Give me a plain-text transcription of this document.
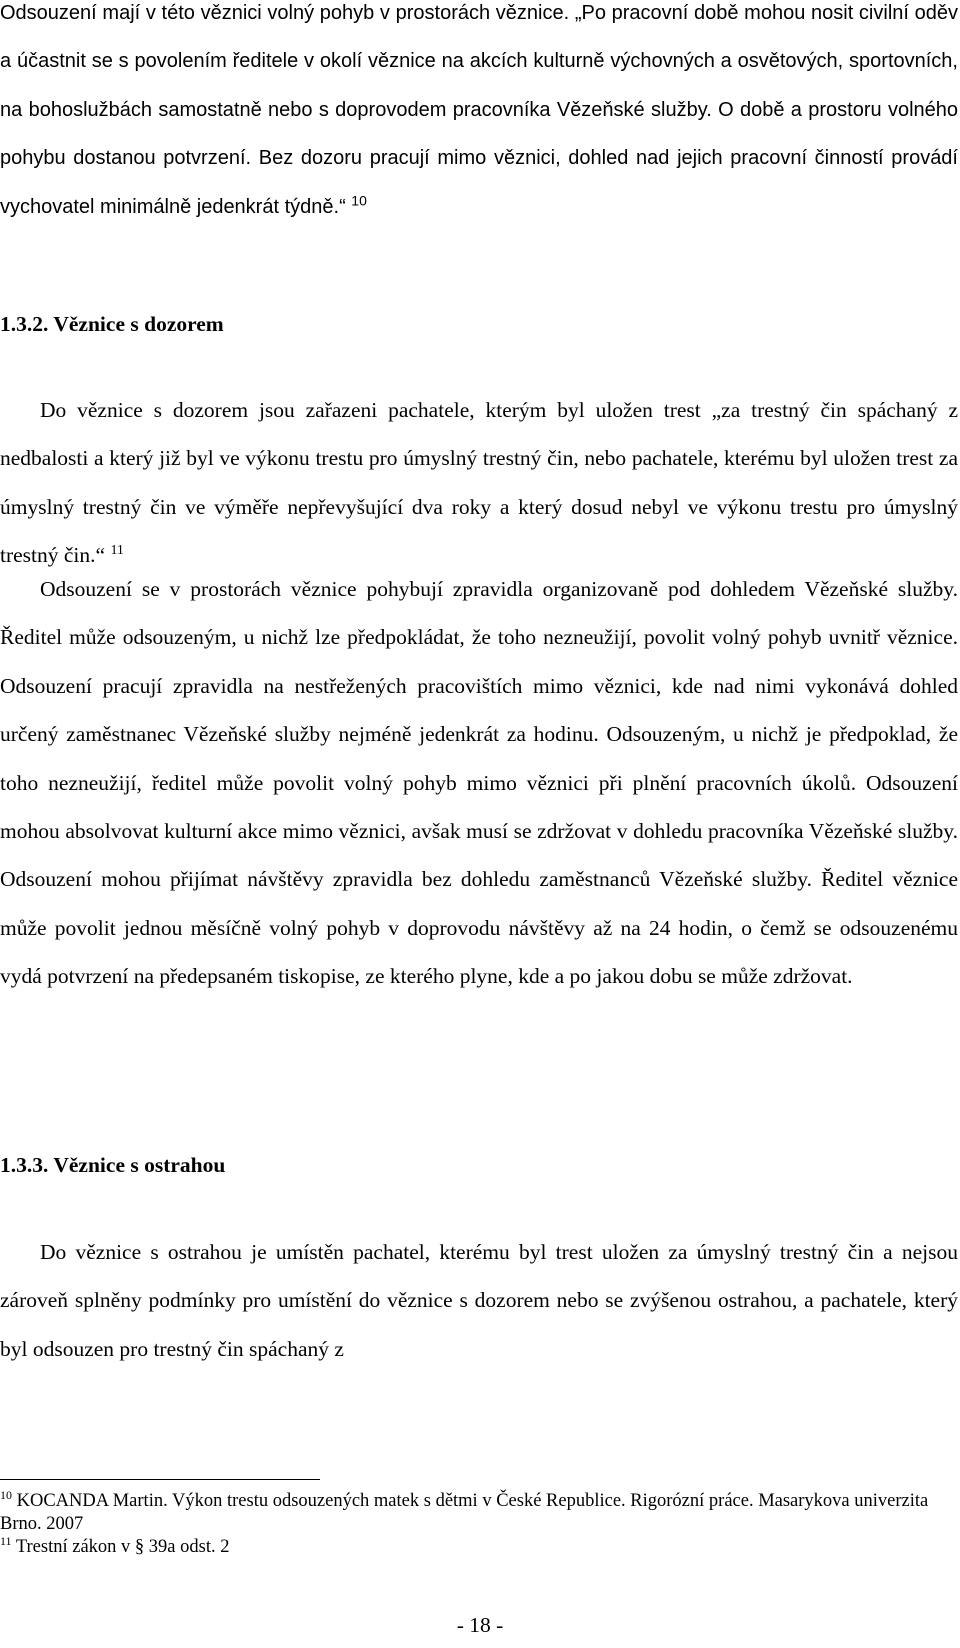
Odsouzení mají v této věznici volný pohyb v prostorách věznice. „Po pracovní době mohou nosit civilní oděv a účastnit se s povolením ředitele v okolí věznice na akcích kulturně výchovných a osvětových, sportovních, na bohoslužbách samostatně nebo s doprovodem pracovníka Vězeňské služby. O době a prostoru volného pohybu dostanou potvrzení. Bez dozoru pracují mimo věznici, dohled nad jejich pracovní činností provádí vychovatel minimálně jedenkrát týdně.“ $^{10}$

1.3.2. Věznice s dozorem

Do věznice s dozorem jsou zařazeni pachatele, kterým byl uložen trest „za trestný čin spáchaný z nedbalosti a který již byl ve výkonu trestu pro úmyslný trestný čin, nebo pachatele, kterému byl uložen trest za úmyslný trestný čin ve výměře nepřevyšující dva roky a který dosud nebyl ve výkonu trestu pro úmyslný trestný čin.“ $^{11}$

Odsouzení se v prostorách věznice pohybují zpravidla organizovaně pod dohledem Vězeňské služby. Ředitel může odsouzeným, u nichž lze předpokládat, že toho nezneužijí, povolit volný pohyb uvnitř věznice. Odsouzení pracují zpravidla na nestřežených pracovištích mimo věznici, kde nad nimi vykonává dohled určený zaměstnanec Vězeňské služby nejméně jedenkrát za hodinu. Odsouzeným, u nichž je předpoklad, že toho nezneužijí, ředitel může povolit volný pohyb mimo věznici při plnění pracovních úkolů. Odsouzení mohou absolvovat kulturní akce mimo věznici, avšak musí se zdržovat v dohledu pracovníka Vězeňské služby. Odsouzení mohou přijímat návštěvy zpravidla bez dohledu zaměstnanců Vězeňské služby. Ředitel věznice může povolit jednou měsíčně volný pohyb v doprovodu návštěvy až na 24 hodin, o čemž se odsouzenému vydá potvrzení na předepsaném tiskopise, ze kterého plyne, kde a po jakou dobu se může zdržovat.

1.3.3. Věznice s ostrahou

Do věznice s ostrahou je umístěn pachatel, kterému byl trest uložen za úmyslný trestný čin a nejsou zároveň splněny podmínky pro umístění do věznice s dozorem nebo se zvýšenou ostrahou, a pachatele, který byl odsouzen pro trestný čin spáchaný z

$^{10}$ KOCANDA Martin. Výkon trestu odsouzených matek s dětmi v České Republice. Rigorózní práce. Masarykova univerzita Brno. 2007

$^{11}$ Trestní zákon v § 39a odst. 2

- 18 -
